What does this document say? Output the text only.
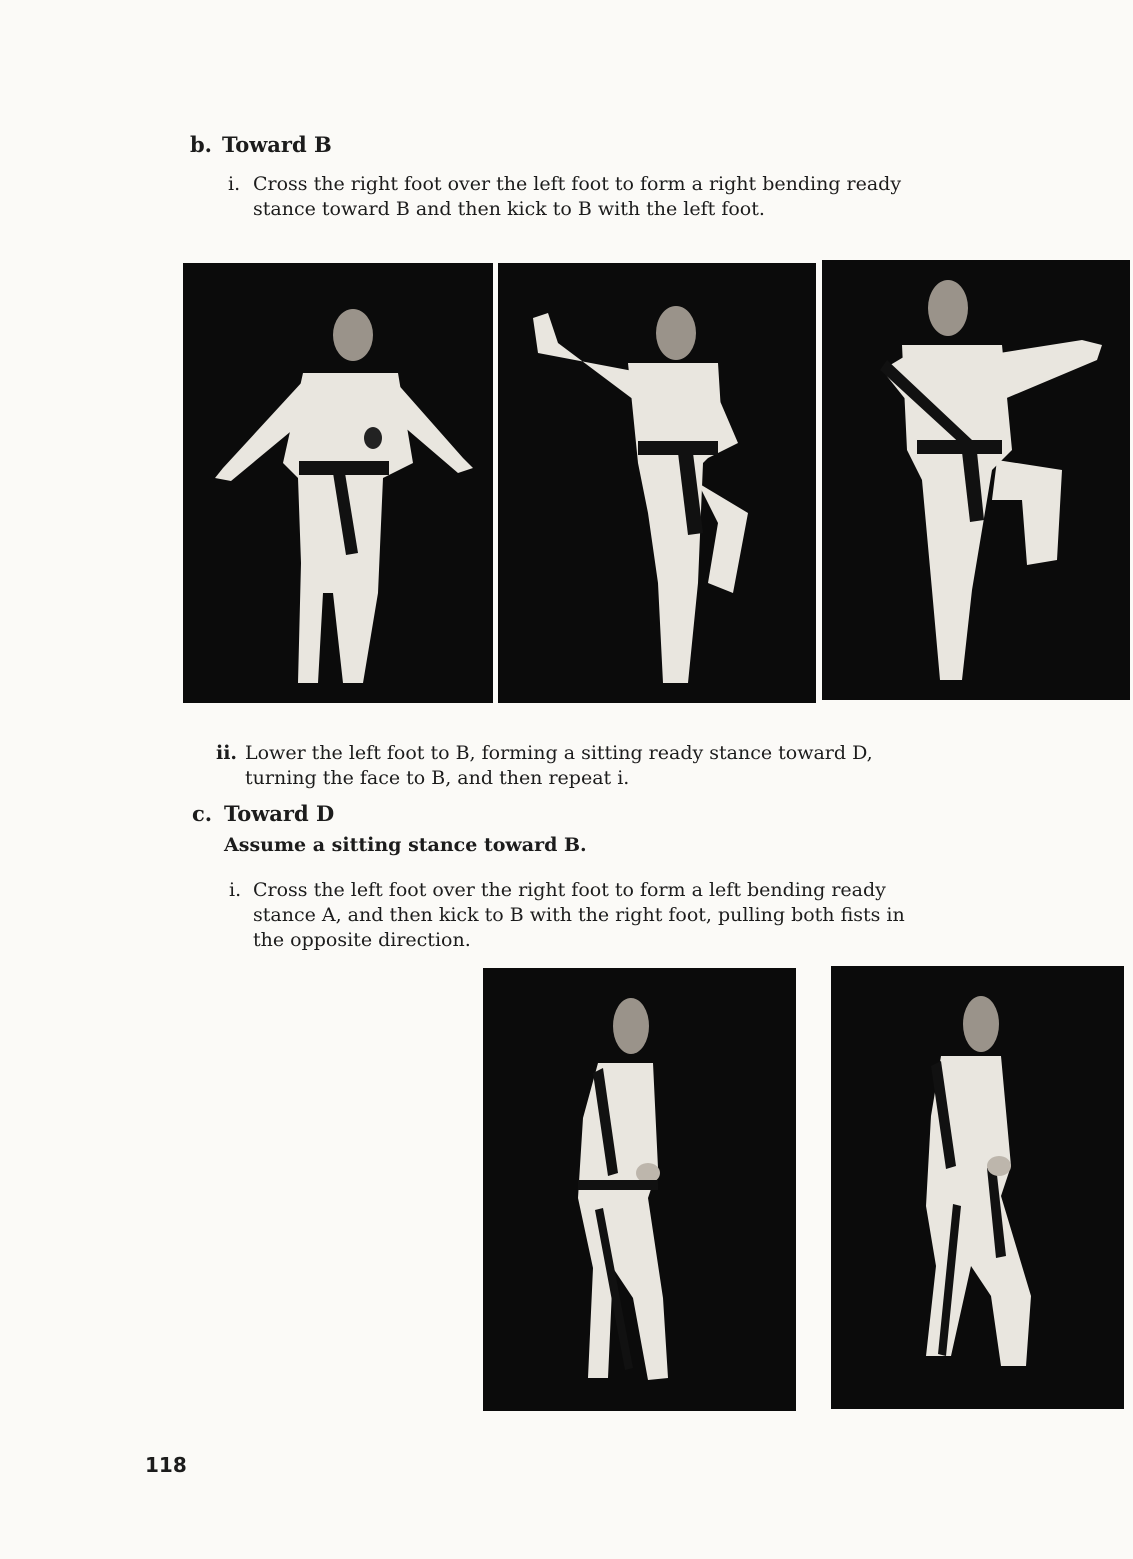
b. Toward B
i. Cross the right foot over the left foot to form a right bending ready
stance toward B and then kick to B with the left foot.
ii. Lower the left foot to B, forming a sitting ready stance toward D,
turning the face to B, and then repeat i.
c. Toward D
Assume a sitting stance toward B.
i. Cross the left foot over the right foot to form a left bending ready
stance A, and then kick to B with the right foot, pulling both fists in
the opposite direction.
118
